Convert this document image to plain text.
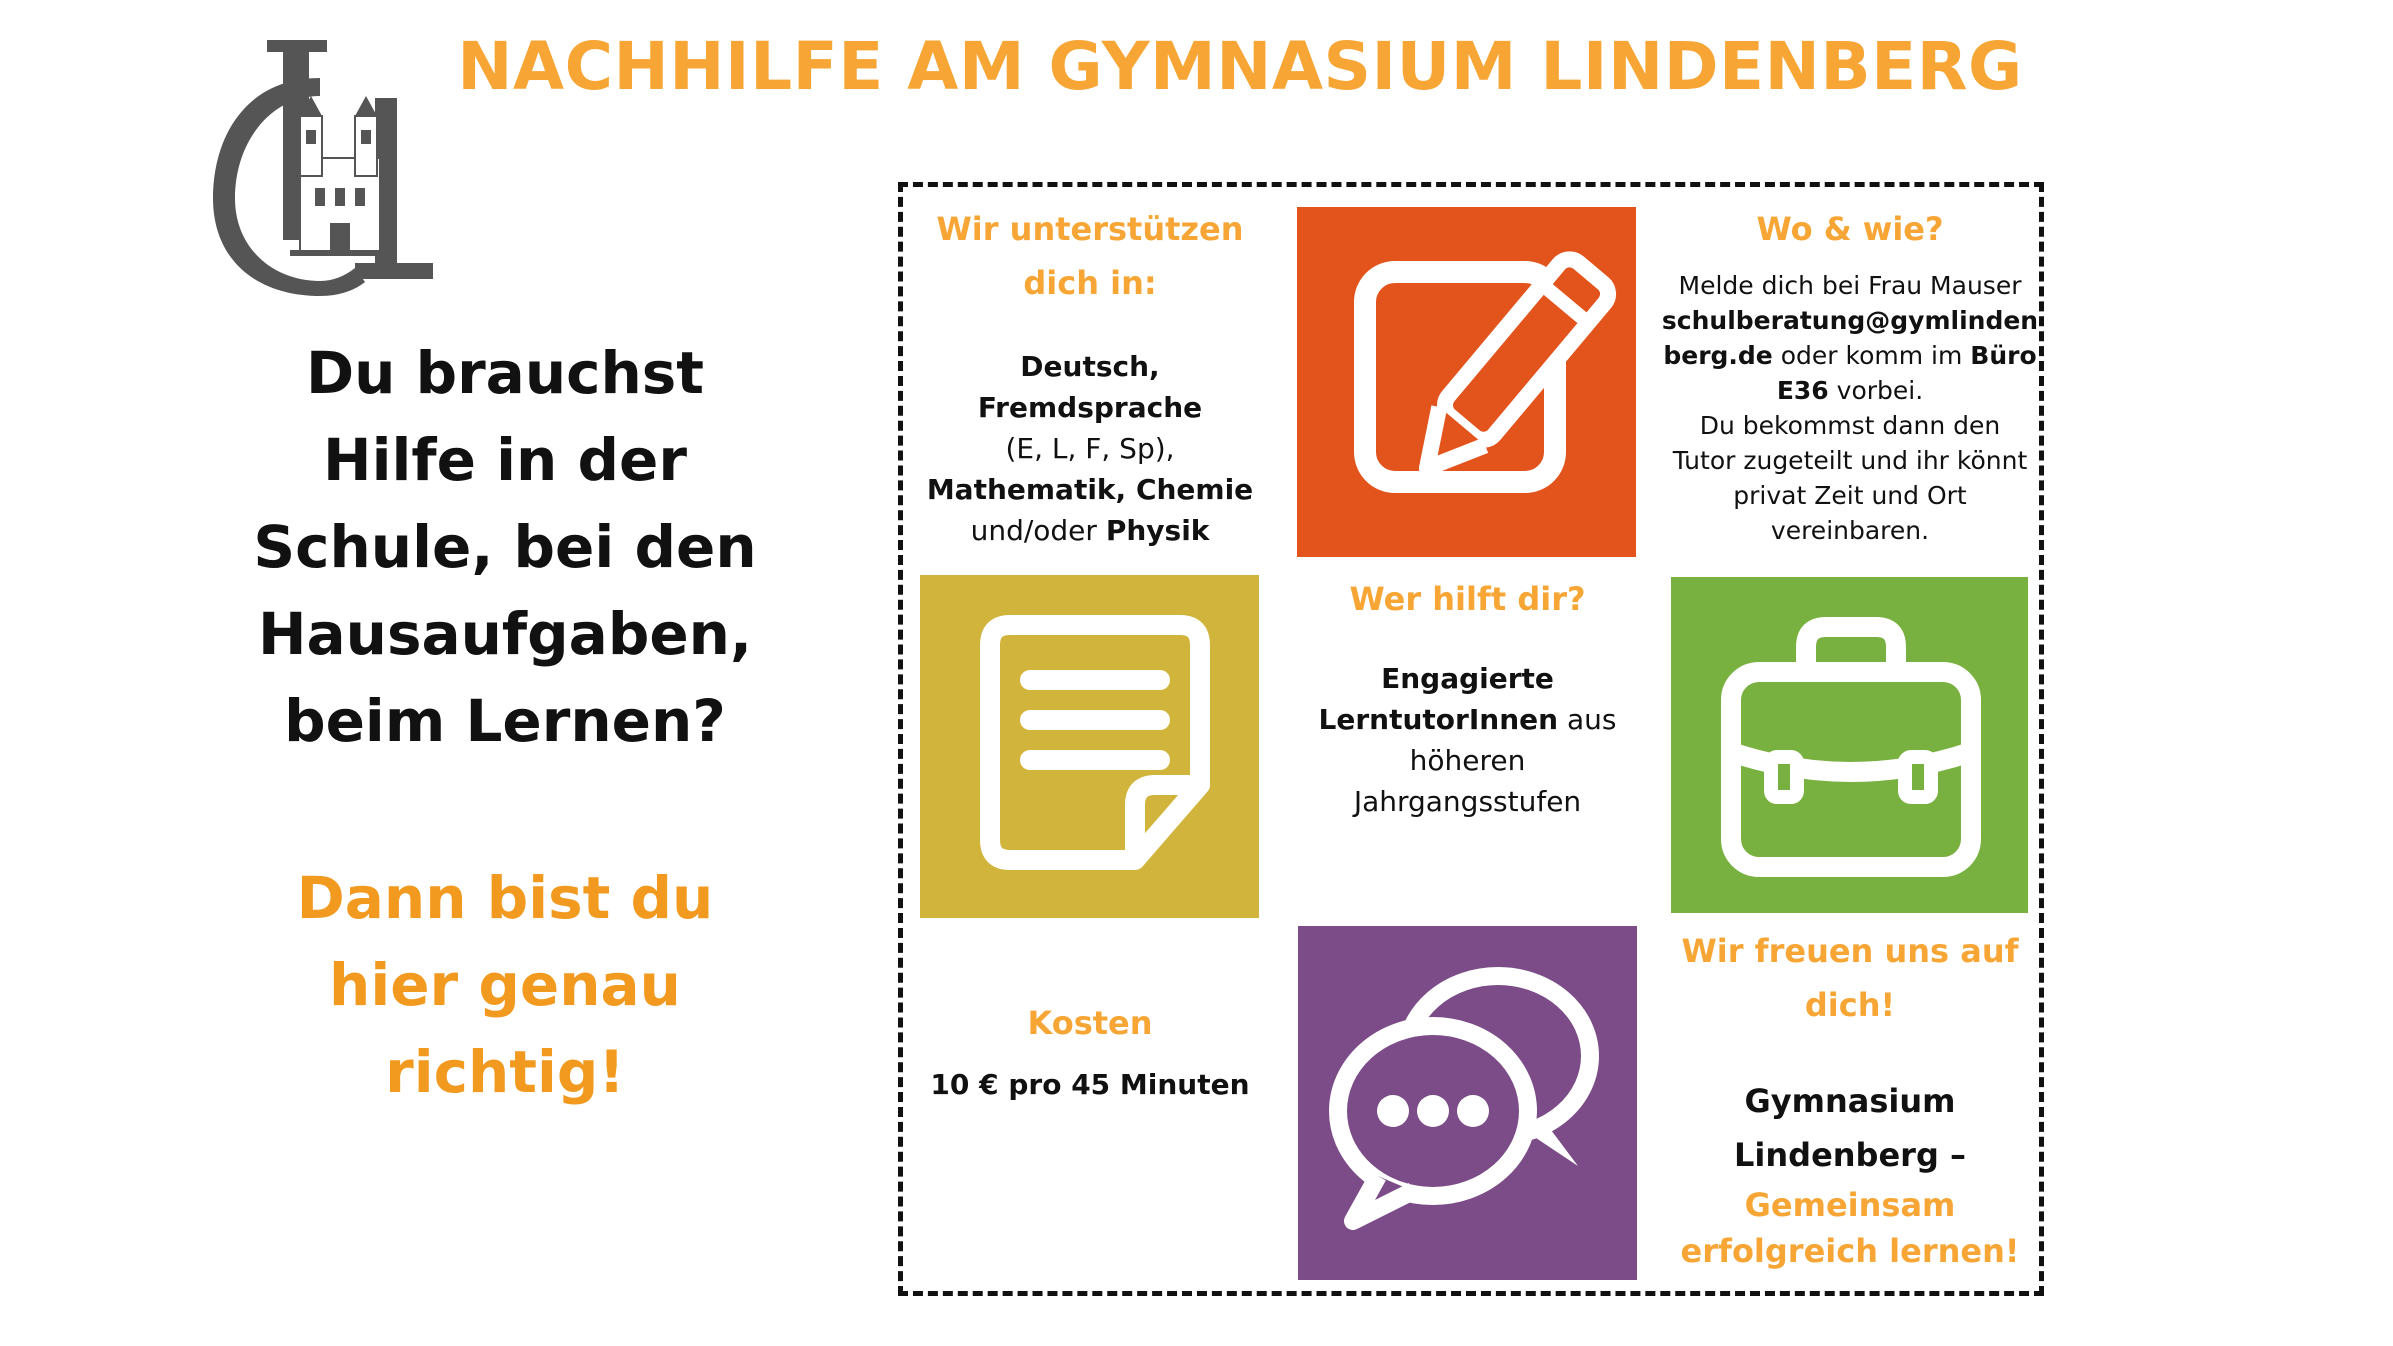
NACHHILFE AM GYMNASIUM LINDENBERG
Du brauchst
Hilfe in der
Schule, bei den
Hausaufgaben,
beim Lernen?
Dann bist du
hier genau
richtig!
Wir unterstützen
dich in:
Deutsch,
Fremdsprache
(E, L, F, Sp),
Mathematik, Chemie
und/oder Physik
Wo & wie?
Melde dich bei Frau Mauser
schulberatung@gymlinden
berg.de oder komm im Büro
E36 vorbei.
Du bekommst dann den
Tutor zugeteilt und ihr könnt
privat Zeit und Ort
vereinbaren.
Wer hilft dir?
Engagierte
LerntutorInnen aus
höheren
Jahrgangsstufen
Kosten
10 € pro 45 Minuten
Wir freuen uns auf
dich!
Gymnasium
Lindenberg –
Gemeinsam
erfolgreich lernen!
